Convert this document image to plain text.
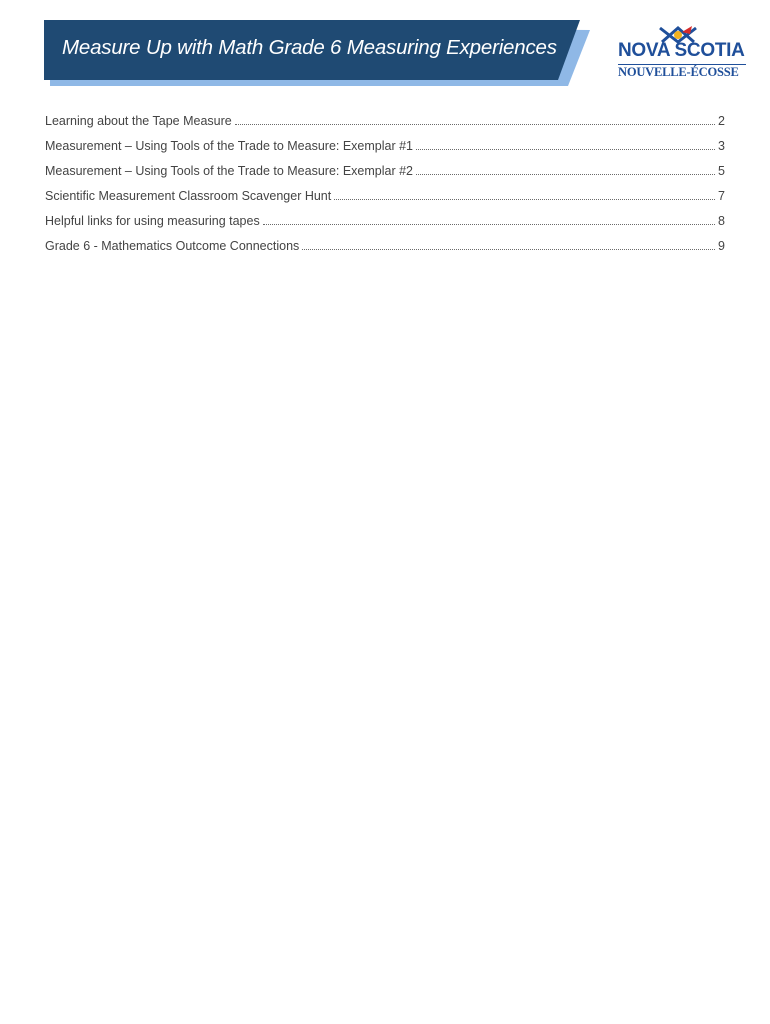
Measure Up with Math Grade 6 Measuring Experiences	NOVA SCOTIA
NOUVELLE-ÉCOSSE
Learning about the Tape Measure	2
Measurement – Using Tools of the Trade to Measure: Exemplar #1	3
Measurement – Using Tools of the Trade to Measure: Exemplar #2	5
Scientific Measurement Classroom Scavenger Hunt	7
Helpful links for using measuring tapes	8
Grade 6 - Mathematics Outcome Connections	9
